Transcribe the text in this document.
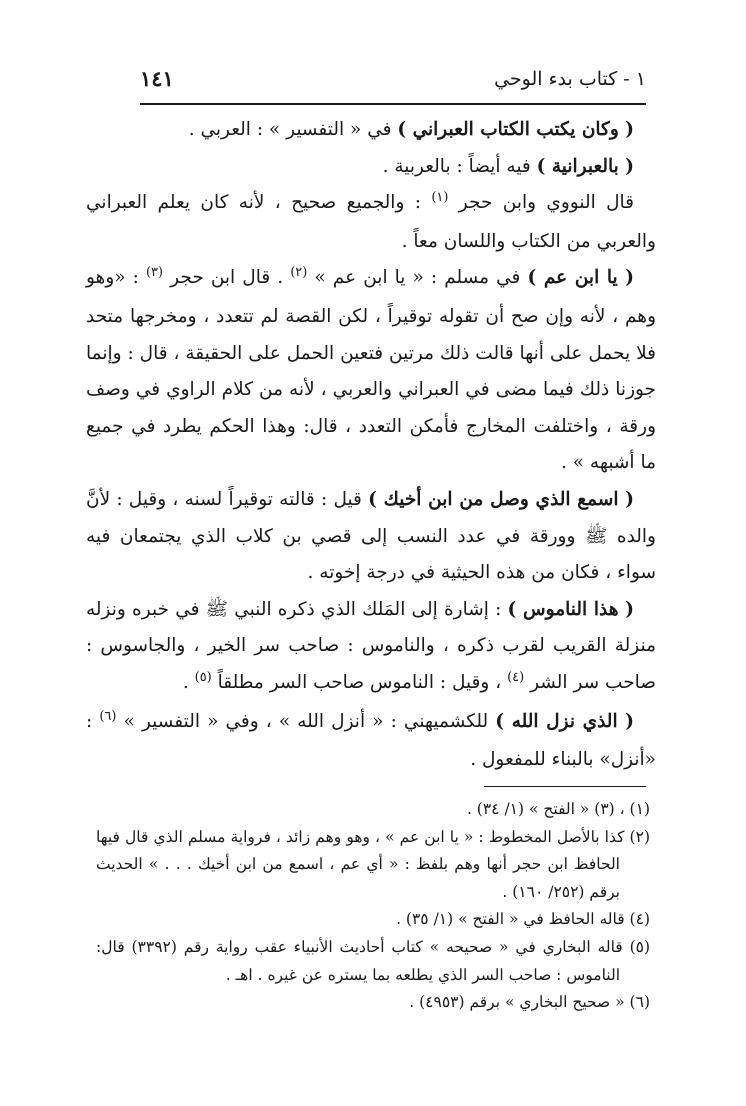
١ - كتاب بدء الوحي
١٤١

( وكان يكتب الكتاب العبراني ) في « التفسير » : العربي .

( بالعبرانية ) فيه أيضاً : بالعربية .

قال النووي وابن حجر $^{(١)}$ : والجميع صحيح ، لأنه كان يعلم العبراني والعربي من الكتاب واللسان معاً .

( يا ابن عم ) في مسلم : « يا ابن عم » $^{(٢)}$ . قال ابن حجر $^{(٣)}$ : «وهو وهم ، لأنه وإن صح أن تقوله توقيراً ، لكن القصة لم تتعدد ، ومخرجها متحد فلا يحمل على أنها قالت ذلك مرتين فتعين الحمل على الحقيقة ، قال : وإنما جوزنا ذلك فيما مضى في العبراني والعربي ، لأنه من كلام الراوي في وصف ورقة ، واختلفت المخارج فأمكن التعدد ، قال: وهذا الحكم يطرد في جميع ما أشبهه » .

( اسمع الذي وصل من ابن أخيك ) قيل : قالته توقيراً لسنه ، وقيل : لأنَّ والده ﷺ وورقة في عدد النسب إلى قصي بن كلاب الذي يجتمعان فيه سواء ، فكان من هذه الحيثية في درجة إخوته .

( هذا الناموس ) : إشارة إلى المَلك الذي ذكره النبي ﷺ في خبره ونزله منزلة القريب لقرب ذكره ، والناموس : صاحب سر الخير ، والجاسوس : صاحب سر الشر $^{(٤)}$ ، وقيل : الناموس صاحب السر مطلقاً $^{(٥)}$ .

( الذي نزل الله ) للكشميهني : « أنزل الله » ، وفي « التفسير » $^{(٦)}$ : «أنزل» بالبناء للمفعول .

(١) ، (٣) « الفتح » (١/ ٣٤) .

(٢) كذا بالأصل المخطوط : « يا ابن عم » ، وهو وهم زائد ، فرواية مسلم الذي قال فيها الحافظ ابن حجر أنها وهم بلفظ : « أي عم ، اسمع من ابن أخيك . . . » الحديث برقم (٢٥٢/ ١٦٠) .

(٤) قاله الحافظ في « الفتح » (١/ ٣٥) .

(٥) قاله البخاري في « صحيحه » كتاب أحاديث الأنبياء عقب رواية رقم (٣٣٩٢) قال: الناموس : صاحب السر الذي يطلعه بما يستره عن غيره . اهـ .

(٦) « صحيح البخاري » برقم (٤٩٥٣) .
